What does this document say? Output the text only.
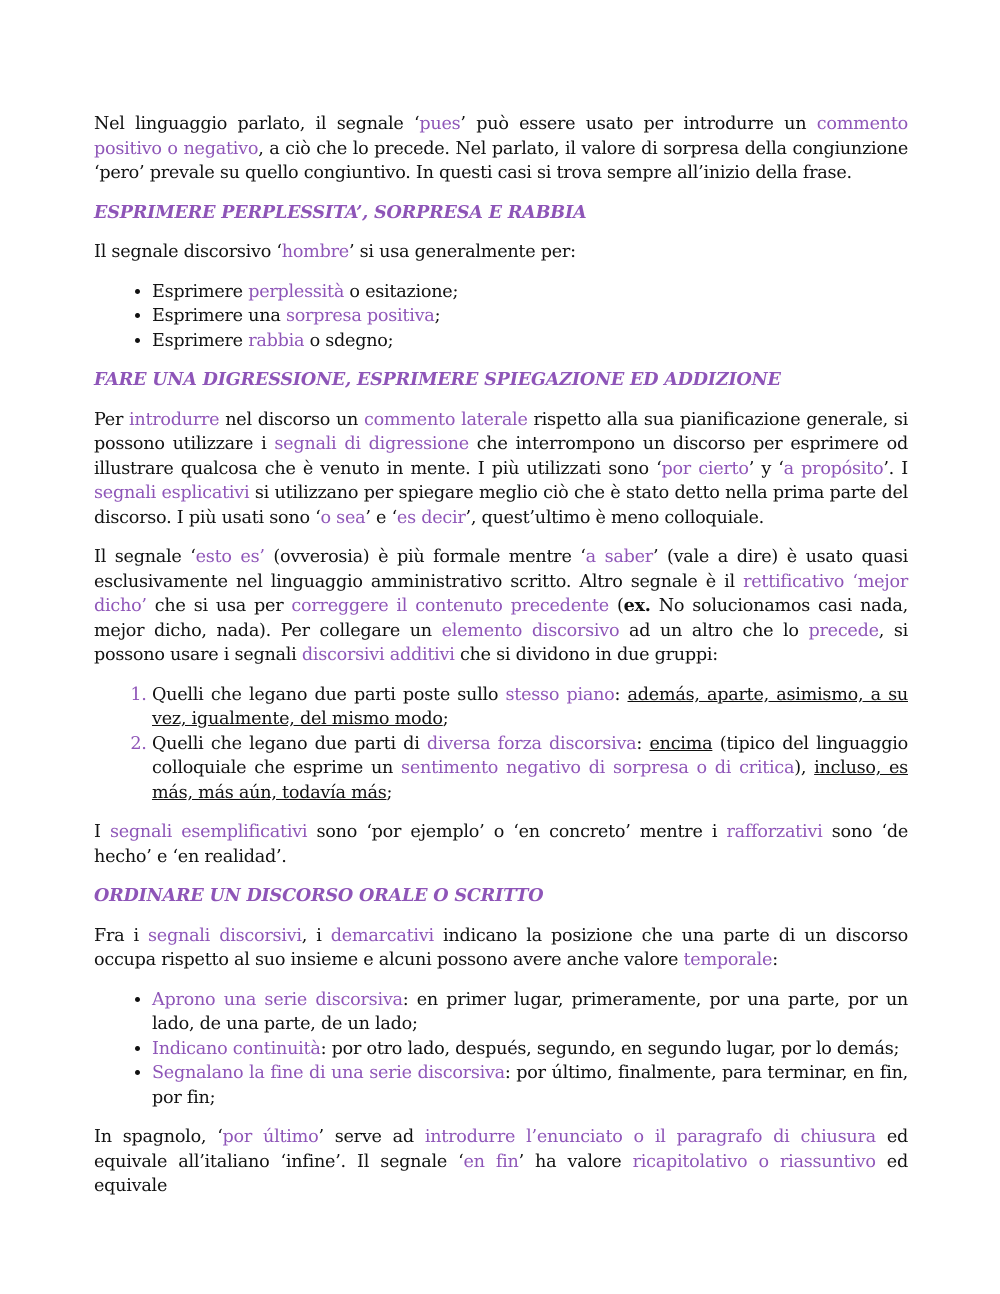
Nel linguaggio parlato, il segnale ‘pues’ può essere usato per introdurre un commento positivo o negativo, a ciò che lo precede. Nel parlato, il valore di sorpresa della congiunzione ‘pero’ prevale su quello congiuntivo. In questi casi si trova sempre all’inizio della frase.

ESPRIMERE PERPLESSITA’, SORPRESA E RABBIA

Il segnale discorsivo ‘hombre’ si usa generalmente per:

• Esprimere perplessità o esitazione;
• Esprimere una sorpresa positiva;
• Esprimere rabbia o sdegno;
FARE UNA DIGRESSIONE, ESPRIMERE SPIEGAZIONE ED ADDIZIONE

Per introdurre nel discorso un commento laterale rispetto alla sua pianificazione generale, si possono utilizzare i segnali di digressione che interrompono un discorso per esprimere od illustrare qualcosa che è venuto in mente. I più utilizzati sono ‘por cierto’ y ‘a propósito’. I segnali esplicativi si utilizzano per spiegare meglio ciò che è stato detto nella prima parte del discorso. I più usati sono ‘o sea’ e ‘es decir’, quest’ultimo è meno colloquiale.

Il segnale ‘esto es’ (ovverosia) è più formale mentre ‘a saber’ (vale a dire) è usato quasi esclusivamente nel linguaggio amministrativo scritto. Altro segnale è il rettificativo ‘mejor dicho’ che si usa per correggere il contenuto precedente (ex. No solucionamos casi nada, mejor dicho, nada). Per collegare un elemento discorsivo ad un altro che lo precede, si possono usare i segnali discorsivi additivi che si dividono in due gruppi:

1. Quelli che legano due parti poste sullo stesso piano: además, aparte, asimismo, a su vez, igualmente, del mismo modo;
2. Quelli che legano due parti di diversa forza discorsiva: encima (tipico del linguaggio colloquiale che esprime un sentimento negativo di sorpresa o di critica), incluso, es más, más aún, todavía más;

I segnali esemplificativi sono ‘por ejemplo’ o ‘en concreto’ mentre i rafforzativi sono ‘de hecho’ e ‘en realidad’.

ORDINARE UN DISCORSO ORALE O SCRITTO

Fra i segnali discorsivi, i demarcativi indicano la posizione che una parte di un discorso occupa rispetto al suo insieme e alcuni possono avere anche valore temporale:

• Aprono una serie discorsiva: en primer lugar, primeramente, por una parte, por un lado, de una parte, de un lado;
• Indicano continuità: por otro lado, después, segundo, en segundo lugar, por lo demás;
• Segnalano la fine di una serie discorsiva: por último, finalmente, para terminar, en fin, por fin;

In spagnolo, ‘por último’ serve ad introdurre l’enunciato o il paragrafo di chiusura ed equivale all’italiano ‘infine’. Il segnale ‘en fin’ ha valore ricapitolativo o riassuntivo ed equivale
